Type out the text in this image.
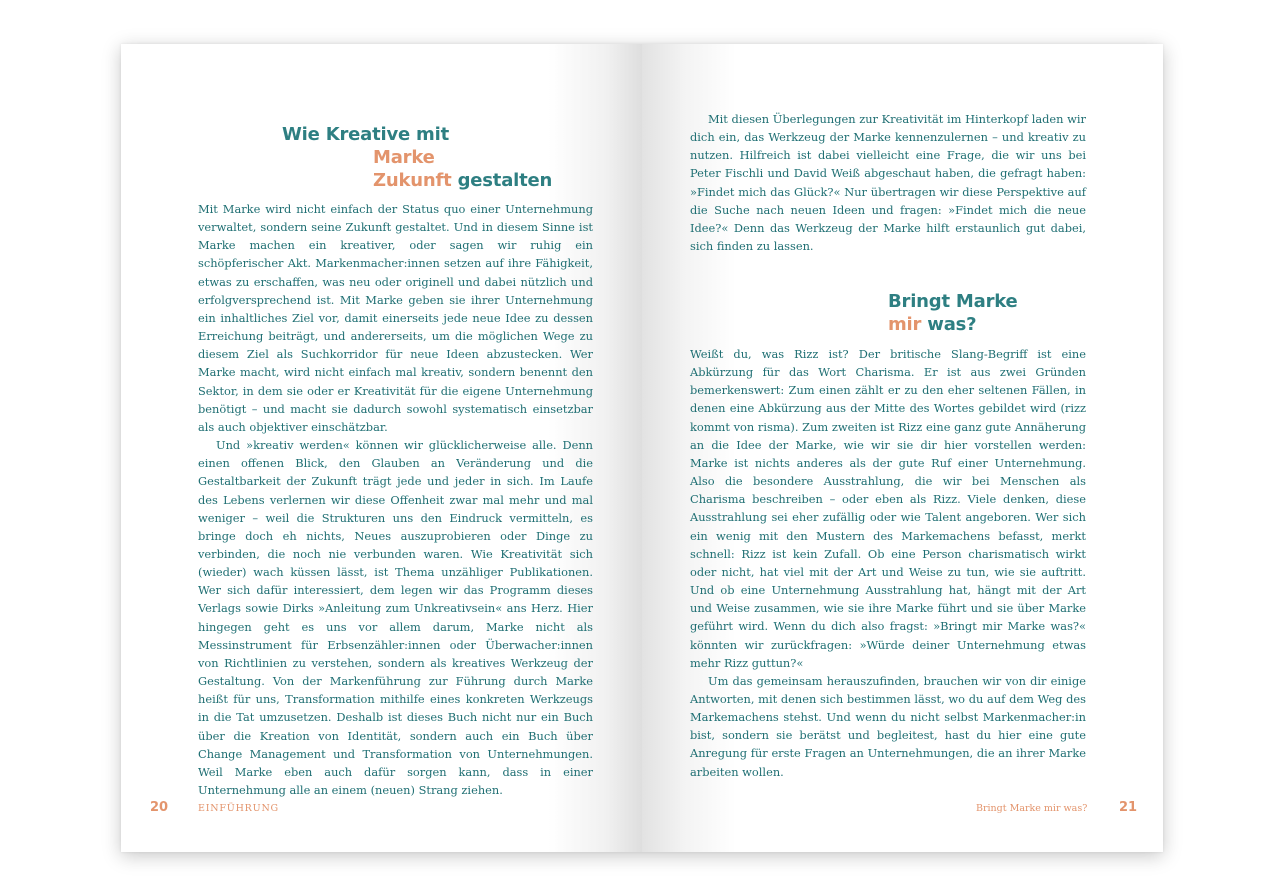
Wie Kreative mit
Marke
Zukunft gestalten

Mit Marke wird nicht einfach der Status quo einer Unternehmung verwaltet, sondern seine Zukunft gestaltet. Und in diesem Sinne ist Marke machen ein kreativer, oder sagen wir ruhig ein schöpferischer Akt. Markenmacher:innen setzen auf ihre Fähigkeit, etwas zu erschaffen, was neu oder originell und dabei nützlich und erfolgversprechend ist. Mit Marke geben sie ihrer Unternehmung ein inhaltliches Ziel vor, damit einerseits jede neue Idee zu dessen Erreichung beiträgt, und andererseits, um die möglichen Wege zu diesem Ziel als Suchkorridor für neue Ideen abzustecken. Wer Marke macht, wird nicht einfach mal kreativ, sondern benennt den Sektor, in dem sie oder er Kreativität für die eigene Unternehmung benötigt – und macht sie dadurch sowohl systematisch einsetzbar als auch objektiver einschätzbar.

Und »kreativ werden« können wir glücklicherweise alle. Denn einen offenen Blick, den Glauben an Veränderung und die Gestaltbarkeit der Zukunft trägt jede und jeder in sich. Im Laufe des Lebens verlernen wir diese Offenheit zwar mal mehr und mal weniger – weil die Strukturen uns den Eindruck vermitteln, es bringe doch eh nichts, Neues auszuprobieren oder Dinge zu verbinden, die noch nie verbunden waren. Wie Kreativität sich (wieder) wach küssen lässt, ist Thema unzähliger Publikationen. Wer sich dafür interessiert, dem legen wir das Programm dieses Verlags sowie Dirks »Anleitung zum Unkreativsein« ans Herz. Hier hingegen geht es uns vor allem darum, Marke nicht als Messinstrument für Erbsenzähler:innen oder Überwacher:innen von Richtlinien zu verstehen, sondern als kreatives Werkzeug der Gestaltung. Von der Markenführung zur Führung durch Marke heißt für uns, Transformation mithilfe eines konkreten Werkzeugs in die Tat umzusetzen. Deshalb ist dieses Buch nicht nur ein Buch über die Kreation von Identität, sondern auch ein Buch über Change Management und Transformation von Unternehmungen. Weil Marke eben auch dafür sorgen kann, dass in einer Unternehmung alle an einem (neuen) Strang ziehen.

20	EINFÜHRUNG

Mit diesen Überlegungen zur Kreativität im Hinterkopf laden wir dich ein, das Werkzeug der Marke kennenzulernen – und kreativ zu nutzen. Hilfreich ist dabei vielleicht eine Frage, die wir uns bei Peter Fischli und David Weiß abgeschaut haben, die gefragt haben: »Findet mich das Glück?« Nur übertragen wir diese Perspektive auf die Suche nach neuen Ideen und fragen: »Findet mich die neue Idee?« Denn das Werkzeug der Marke hilft erstaunlich gut dabei, sich finden zu lassen.

Bringt Marke
mir was?

Weißt du, was Rizz ist? Der britische Slang-Begriff ist eine Abkürzung für das Wort Charisma. Er ist aus zwei Gründen bemerkenswert: Zum einen zählt er zu den eher seltenen Fällen, in denen eine Abkürzung aus der Mitte des Wortes gebildet wird (rizz kommt von risma). Zum zweiten ist Rizz eine ganz gute Annäherung an die Idee der Marke, wie wir sie dir hier vorstellen werden: Marke ist nichts anderes als der gute Ruf einer Unternehmung. Also die besondere Ausstrahlung, die wir bei Menschen als Charisma beschreiben – oder eben als Rizz. Viele denken, diese Ausstrahlung sei eher zufällig oder wie Talent angeboren. Wer sich ein wenig mit den Mustern des Markemachens befasst, merkt schnell: Rizz ist kein Zufall. Ob eine Person charismatisch wirkt oder nicht, hat viel mit der Art und Weise zu tun, wie sie auftritt. Und ob eine Unternehmung Ausstrahlung hat, hängt mit der Art und Weise zusammen, wie sie ihre Marke führt und sie über Marke geführt wird. Wenn du dich also fragst: »Bringt mir Marke was?« könnten wir zurückfragen: »Würde deiner Unternehmung etwas mehr Rizz guttun?«

Um das gemeinsam herauszufinden, brauchen wir von dir einige Antworten, mit denen sich bestimmen lässt, wo du auf dem Weg des Markemachens stehst. Und wenn du nicht selbst Markenmacher:in bist, sondern sie berätst und begleitest, hast du hier eine gute Anregung für erste Fragen an Unternehmungen, die an ihrer Marke arbeiten wollen.

Bringt Marke mir was? 21
